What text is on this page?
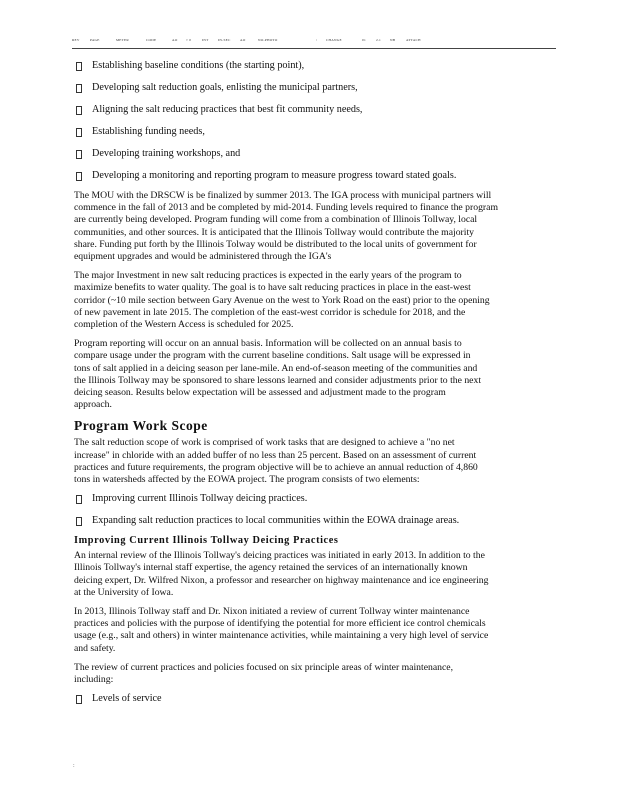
REV	PAGE	METER	CODE	AO > 0	INT	IN-SEC	AO	NO-PHOTO	\	CHANGE	01	2.1	NB	ATTACH
Establishing baseline conditions (the starting point),
Developing salt reduction goals, enlisting the municipal partners,
Aligning the salt reducing practices that best fit community needs,
Establishing funding needs,
Developing training workshops, and
Developing a monitoring and reporting program to measure progress toward stated goals.

The MOU with the DRSCW is be finalized by summer 2013. The IGA process with municipal partners will
commence in the fall of 2013 and be completed by mid-2014. Funding levels required to finance the program
are currently being developed. Program funding will come from a combination of Illinois Tollway, local
communities, and other sources. It is anticipated that the Illinois Tollway would contribute the majority
share. Funding put forth by the Illinois Tolway would be distributed to the local units of government for
equipment upgrades and would be administered through the IGA's

The major Investment in new salt reducing practices is expected in the early years of the program to
maximize benefits to water quality. The goal is to have salt reducing practices in place in the east-west
corridor (~10 mile section between Gary Avenue on the west to York Road on the east) prior to the opening
of new pavement in late 2015. The completion of the east-west corridor is schedule for 2018, and the
completion of the Western Access is scheduled for 2025.

Program reporting will occur on an annual basis. Information will be collected on an annual basis to
compare usage under the program with the current baseline conditions. Salt usage will be expressed in
tons of salt applied in a deicing season per lane-mile. An end-of-season meeting of the communities and
the Illinois Tollway may be sponsored to share lessons learned and consider adjustments prior to the next
deicing season. Results below expectation will be assessed and adjustment made to the program
approach.

Program Work Scope

The salt reduction scope of work is comprised of work tasks that are designed to achieve a "no net
increase" in chloride with an added buffer of no less than 25 percent. Based on an assessment of current
practices and future requirements, the program objective will be to achieve an annual reduction of 4,860
tons in watersheds affected by the EOWA project. The program consists of two elements:

Improving current Illinois Tollway deicing practices.
Expanding salt reduction practices to local communities within the EOWA drainage areas.
Improving Current Illinois Tollway Deicing Practices

An internal review of the Illinois Tollway's deicing practices was initiated in early 2013. In addition to the
Illinois Tollway's internal staff expertise, the agency retained the services of an internationally known
deicing expert, Dr. Wilfred Nixon, a professor and researcher on highway maintenance and ice engineering
at the University of Iowa.

In 2013, Illinois Tollway staff and Dr. Nixon initiated a review of current Tollway winter maintenance
practices and policies with the purpose of identifying the potential for more efficient ice control chemicals
usage (e.g., salt and others) in winter maintenance activities, while maintaining a very high level of service
and safety.

The review of current practices and policies focused on six principle areas of winter maintenance,
including:

Levels of service
:
